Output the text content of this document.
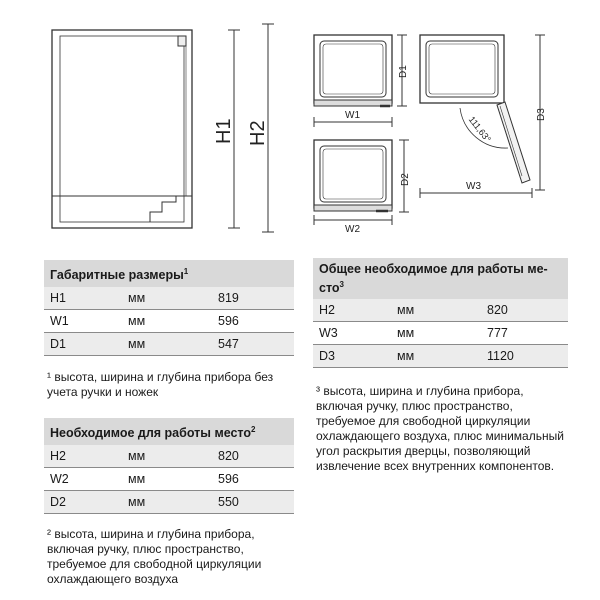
H1 H2
D1
W1
D2
W2
D3
W3
111,63°
Габаритные размеры$^1$
H1	мм	819
W1	мм	596
D1	мм	547
¹ высота, ширина и глубина прибора без учета ручки и ножек
Необходимое для работы место$^2$
H2	мм	820
W2	мм	596
D2	мм	550
² высота, ширина и глубина прибора, включая ручку, плюс пространство, требуемое для свободной циркуляции охлаждающего воздуха
Общее необходимое для работы ме-
сто$^3$
H2	мм	820
W3	мм	777
D3	мм	1120
³ высота, ширина и глубина прибора, включая ручку, плюс пространство, требуемое для свободной циркуляции охлаждающего воздуха, плюс минимальный угол раскрытия дверцы, позволяющий извлечение всех внутренних компонентов.
